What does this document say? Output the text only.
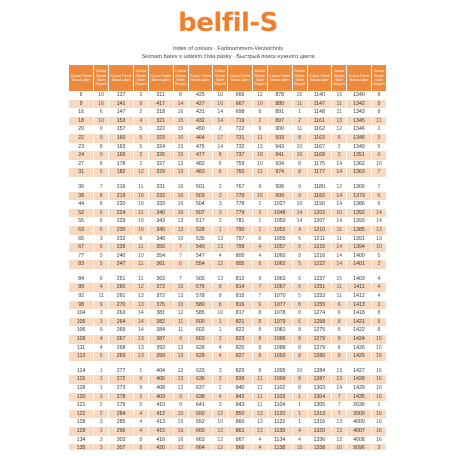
belfil-S
Index of colours · Farbnummern-Verzeichnis
Seznam barev s udáním čísla pásky · Быстрый поиск нужного цвета
Colour Farbe Barva Цвет	Colour Shade Stufe Stupeň	Colour Farbe Barva Цвет	Colour Shade Stufe Stupeň	Colour Farbe Barva Цвет	Colour Shade Stufe Stupeň	Colour Farbe Barva Цвет	Colour Shade Stufe Stupeň	Colour Farbe Barva Цвет	Colour Shade Stufe Stupeň	Colour Farbe Barva Цвет	Colour Shade Stufe Stupeň	Colour Farbe Barva Цвет	Colour Shade Stufe Stupeň	Colour Farbe Barva Цвет	Colour Shade Stufe Stupeň
6	10	137	3	311	8	425	10	666	12	878	15	1140	16	1340	8
9	16	141	9	417	14	427	10	667	10	880	11	1147	11	1342	8
16	6	147	2	318	16	431	14	698	8	891	1	1148	11	1343	8
18	10	153	4	321	15	432	14	719	2	897	2	1161	13	1345	11
20	9	157	5	322	15	450	2	722	9	900	11	1162	12	1346	2
22	9	160	5	323	16	464	17	731	11	933	8	1163	6	1348	3
23	8	163	5	324	15	475	14	732	13	943	10	1167	2	1349	5
24	9	165	2	326	15	477	8	737	18	941	10	1168	2	1351	6
27	6	178	2	327	13	482	6	759	10	934	8	1175	14	1362	16
31	5	182	12	329	13	483	6	760	11	974	8	1177	14	1363	7

36	7	216	11	331	16	501	2	767	9	998	9	1180	12	1366	7
38	8	219	10	332	16	503	3	770	15	999	9	1182	14	1379	6
44	8	220	10	333	16	504	3	778	2	1027	10	1190	14	1386	6
52	5	224	11	340	16	507	3	779	3	1048	14	1202	10	1392	14
55	6	229	10	343	13	517	3	781	1	1050	14	1207	14	1393	14
63	6	230	10	345	13	528	1	790	1	1052	4	1210	11	1385	13
65	3	232	9	348	16	535	13	797	6	1055	5	1211	11	1391	13
67	5	239	11	350	7	540	13	799	4	1057	5	1215	14	1394	10
77	5	240	10	354	7	547	4	800	4	1060	8	1216	14	1400	5
83	5	247	11	361	6	554	12	805	8	1062	5	1222	14	1401	2

84	6	251	11	363	7	565	13	812	9	1063	5	1237	15	1403	4
89	4	260	12	372	15	575	8	814	7	1067	5	1251	11	1411	4
92	11	261	13	372	13	578	8	815	7	1070	5	1253	11	1412	4
98	9	270	13	375	15	580	8	816	6	1077	8	1255	6	1413	3
104	3	263	14	381	12	585	10	817	8	1078	8	1274	6	1418	8
105	3	264	14	382	11	600	1	821	8	1079	6	1258	8	1421	5
106	6	269	14	384	11	602	1	822	8	1081	8	1275	8	1422	8
109	4	267	13	387	9	603	2	823	8	1086	8	1279	8	1424	15
111	4	268	13	393	13	628	4	825	8	1088	8	1279	8	1426	15
113	5	269	13	399	13	629	4	827	8	1093	8	1280	8	1425	15

114	1	277	1	404	12	633	3	829	8	1095	10	1284	13	1427	16
115	1	272	9	406	13	636	2	839	11	1099	8	1287	13	1428	16
118	1	273	9	408	12	637	2	840	11	1102	8	1303	14	1429	16
120	1	278	2	409	9	638	4	842	11	1103	1	1304	7	1435	16
121	2	279	5	410	9	641	3	843	11	1104	1	1305	7	2036	1
122	2	284	4	412	15	650	12	850	13	1120	1	1313	7	2000	16
128	3	285	4	413	15	652	10	860	13	1122	1	1316	13	4000	16
129	1	296	4	415	16	660	12	861	13	1130	4	1320	13	4007	16
134	3	303	8	416	16	663	12	867	4	1134	4	1336	13	4008	16
135	3	307	8	420	12	664	12	868	4	1138	15	1338	10	5096	3
